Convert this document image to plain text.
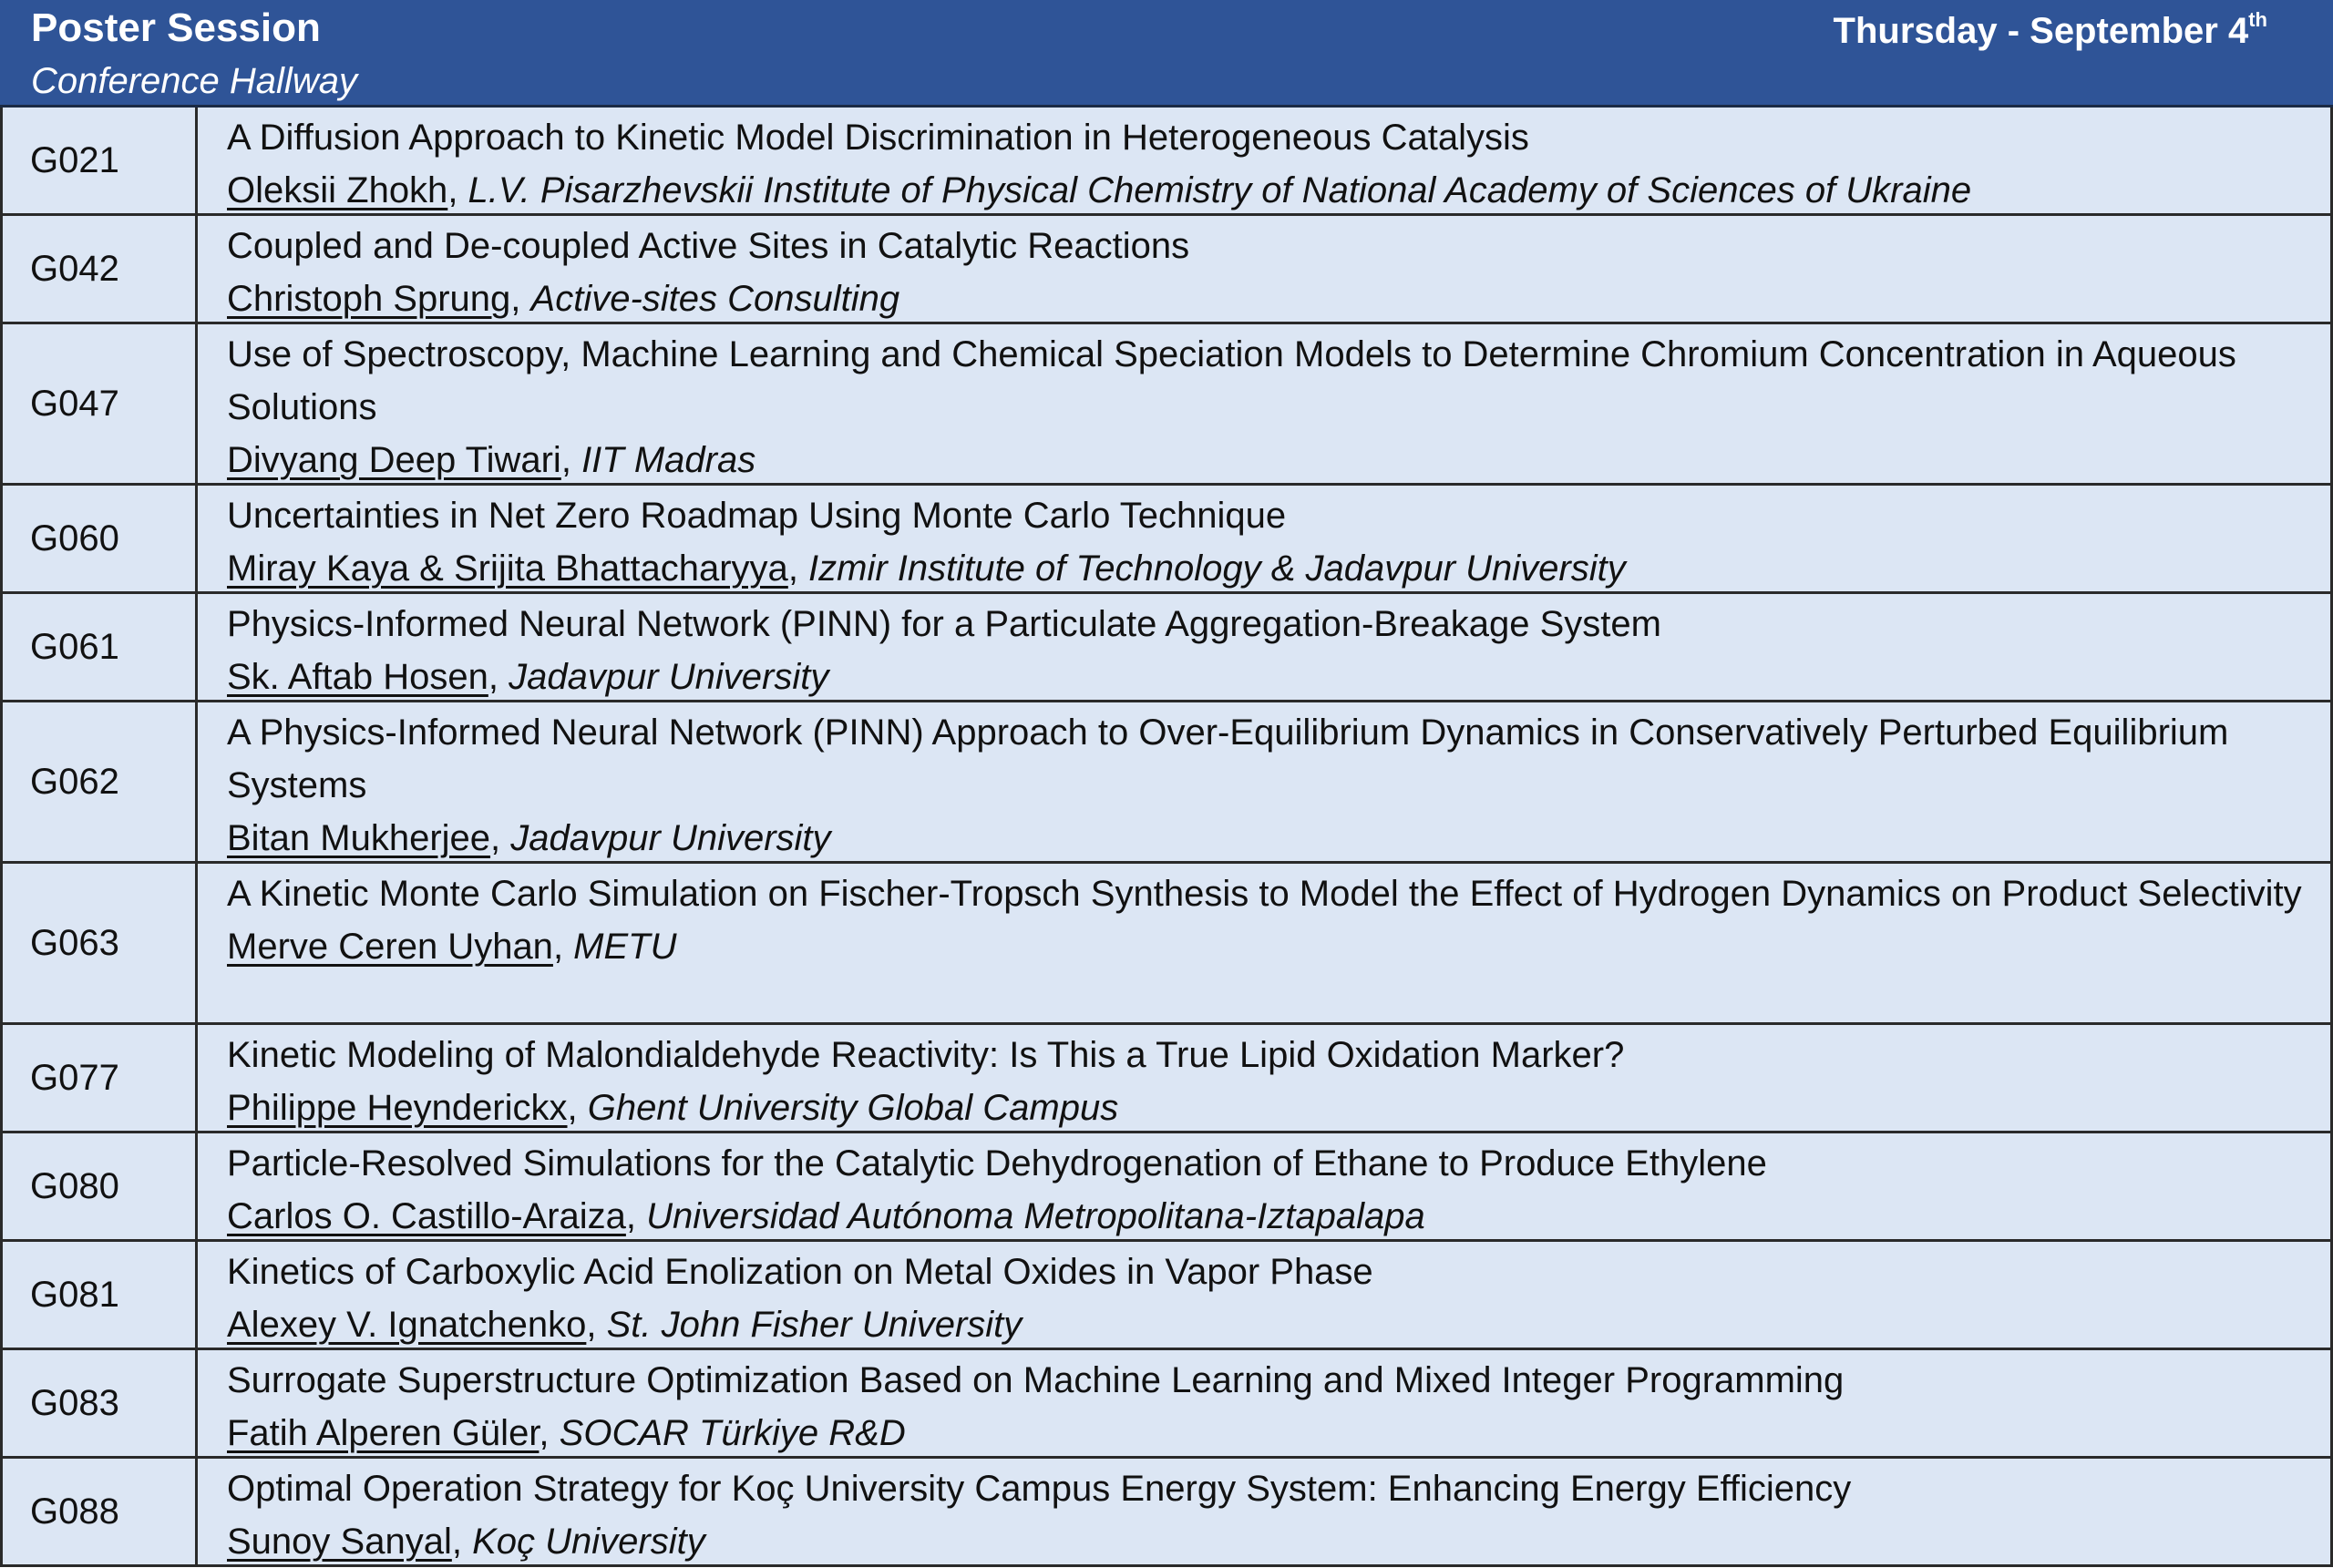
Poster Session
Conference Hallway
Thursday - September 4th
G021
A Diffusion Approach to Kinetic Model Discrimination in Heterogeneous Catalysis
Oleksii Zhokh, L.V. Pisarzhevskii Institute of Physical Chemistry of National Academy of Sciences of Ukraine
G042
Coupled and De-coupled Active Sites in Catalytic Reactions
Christoph Sprung, Active-sites Consulting
G047
Use of Spectroscopy, Machine Learning and Chemical Speciation Models to Determine Chromium Concentration in Aqueous Solutions
Divyang Deep Tiwari, IIT Madras
G060
Uncertainties in Net Zero Roadmap Using Monte Carlo Technique
Miray Kaya & Srijita Bhattacharyya, Izmir Institute of Technology & Jadavpur University
G061
Physics-Informed Neural Network (PINN) for a Particulate Aggregation-Breakage System
Sk. Aftab Hosen, Jadavpur University
G062
A Physics-Informed Neural Network (PINN) Approach to Over-Equilibrium Dynamics in Conservatively Perturbed Equilibrium Systems
Bitan Mukherjee, Jadavpur University
G063
A Kinetic Monte Carlo Simulation on Fischer-Tropsch Synthesis to Model the Effect of Hydrogen Dynamics on Product Selectivity
Merve Ceren Uyhan, METU
G077
Kinetic Modeling of Malondialdehyde Reactivity: Is This a True Lipid Oxidation Marker?
Philippe Heynderickx, Ghent University Global Campus
G080
Particle-Resolved Simulations for the Catalytic Dehydrogenation of Ethane to Produce Ethylene
Carlos O. Castillo-Araiza, Universidad Autónoma Metropolitana-Iztapalapa
G081
Kinetics of Carboxylic Acid Enolization on Metal Oxides in Vapor Phase
Alexey V. Ignatchenko, St. John Fisher University
G083
Surrogate Superstructure Optimization Based on Machine Learning and Mixed Integer Programming
Fatih Alperen Güler, SOCAR Türkiye R&D
G088
Optimal Operation Strategy for Koç University Campus Energy System: Enhancing Energy Efficiency
Sunoy Sanyal, Koç University
